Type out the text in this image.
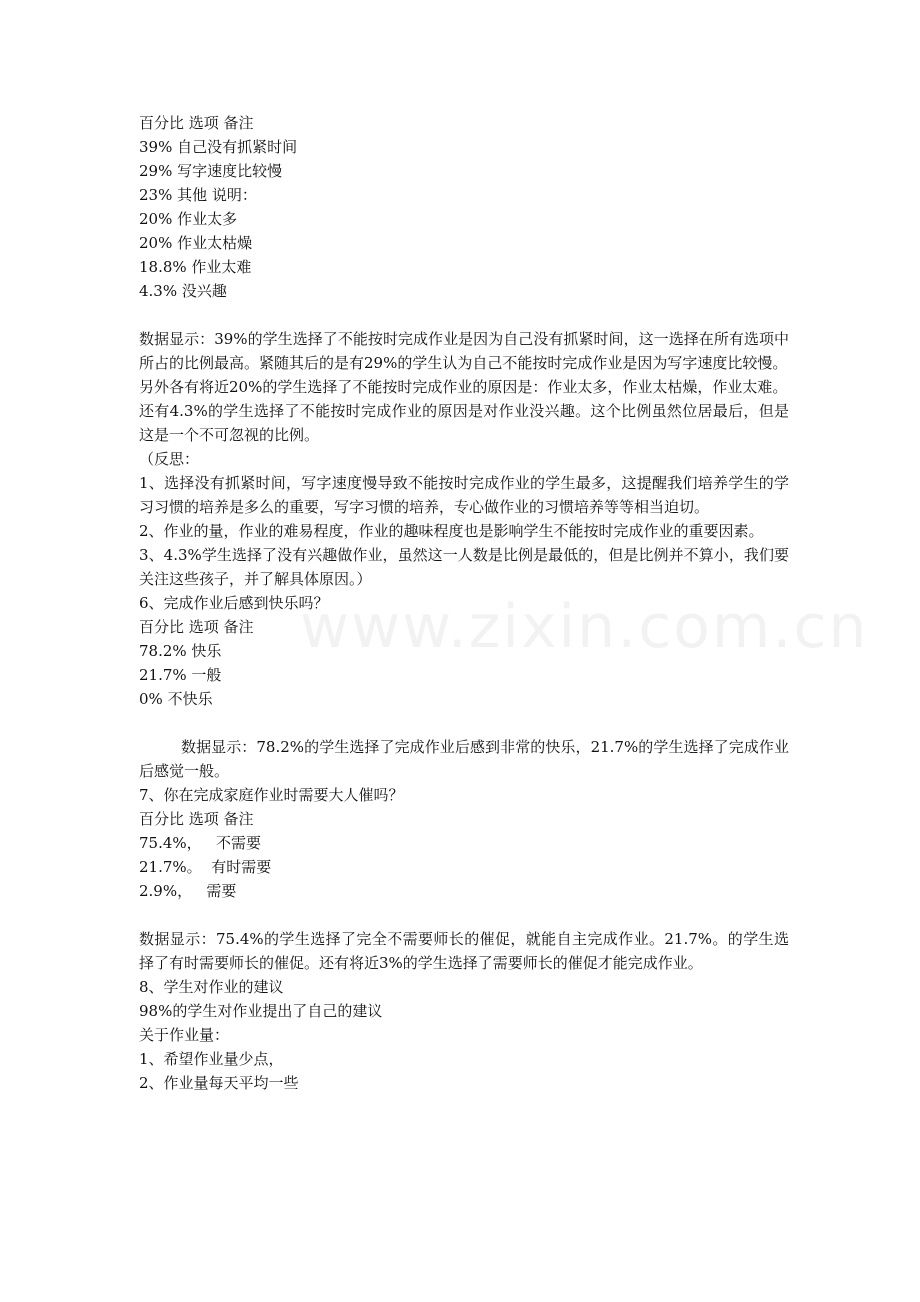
www.zixin.com.cn
百分比 选项 备注
39% 自己没有抓紧时间
29% 写字速度比较慢
23% 其他 说明：
20% 作业太多
20% 作业太枯燥
18.8% 作业太难
4.3% 没兴趣
数据显示：39%的学生选择了不能按时完成作业是因为自己没有抓紧时间，这一选择在所有选项中所占的比例最高。紧随其后的是有29%的学生认为自己不能按时完成作业是因为写字速度比较慢。
另外各有将近20%的学生选择了不能按时完成作业的原因是：作业太多，作业太枯燥，作业太难。
还有4.3%的学生选择了不能按时完成作业的原因是对作业没兴趣。这个比例虽然位居最后，但是这是一个不可忽视的比例。
（反思：
1、选择没有抓紧时间，写字速度慢导致不能按时完成作业的学生最多，这提醒我们培养学生的学习习惯的培养是多么的重要，写字习惯的培养，专心做作业的习惯培养等等相当迫切。
2、作业的量，作业的难易程度，作业的趣味程度也是影响学生不能按时完成作业的重要因素。
3、4.3%学生选择了没有兴趣做作业，虽然这一人数是比例是最低的，但是比例并不算小，我们要关注这些孩子，并了解具体原因。）
6、完成作业后感到快乐吗？
百分比 选项 备注
78.2% 快乐
21.7% 一般
0% 不快乐
数据显示：78.2%的学生选择了完成作业后感到非常的快乐，21.7%的学生选择了完成作业后感觉一般。
7、你在完成家庭作业时需要大人催吗？
百分比 选项 备注
75.4%，   不需要
21.7%。  有时需要
2.9%，   需要
数据显示：75.4%的学生选择了完全不需要师长的催促，就能自主完成作业。21.7%。的学生选择了有时需要师长的催促。还有将近3%的学生选择了需要师长的催促才能完成作业。
8、学生对作业的建议
98%的学生对作业提出了自己的建议
关于作业量：
1、希望作业量少点，
2、作业量每天平均一些
